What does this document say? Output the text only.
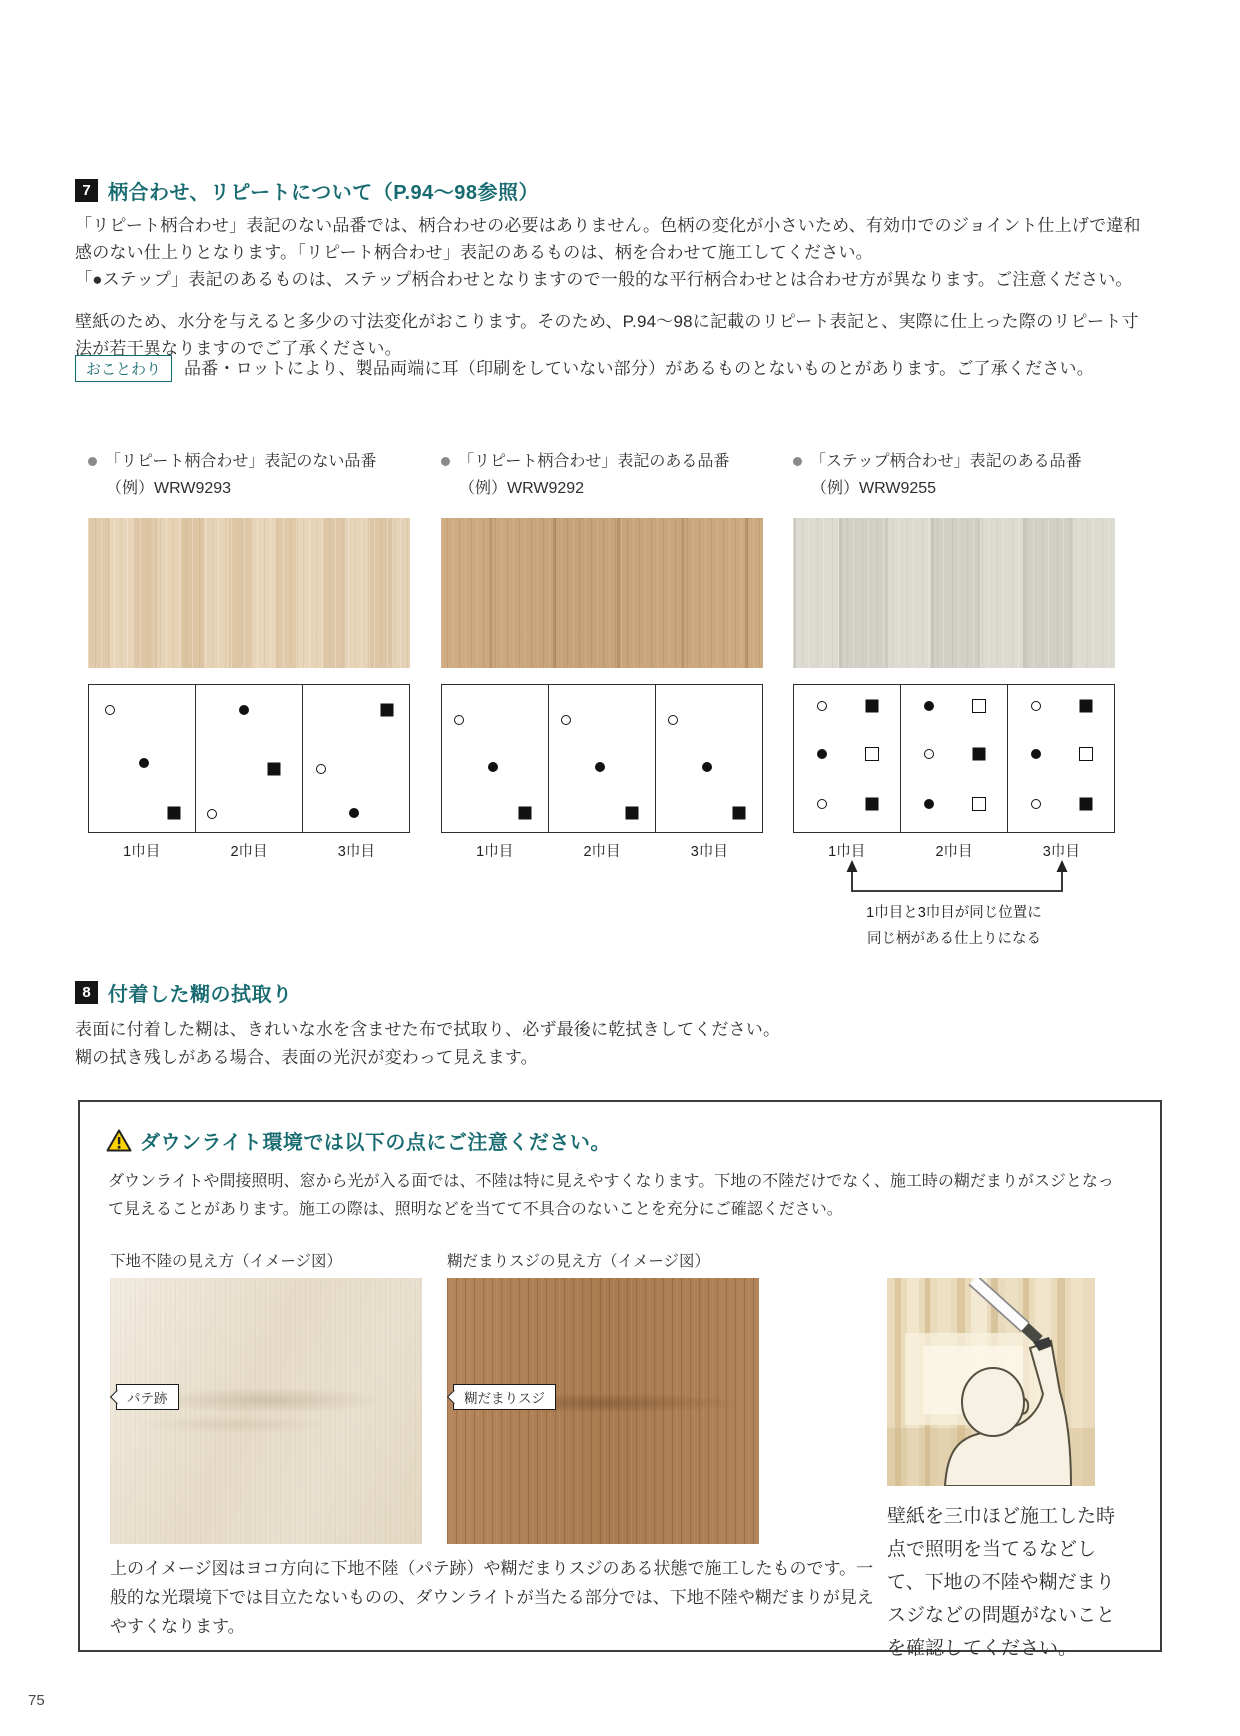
7 柄合わせ、リピートについて（P.94〜98参照）
「リピート柄合わせ」表記のない品番では、柄合わせの必要はありません。色柄の変化が小さいため、有効巾でのジョイント仕上げで違和感のない仕上りとなります。「リピート柄合わせ」表記のあるものは、柄を合わせて施工してください。
「●ステップ」表記のあるものは、ステップ柄合わせとなりますので一般的な平行柄合わせとは合わせ方が異なります。ご注意ください。
壁紙のため、水分を与えると多少の寸法変化がおこります。そのため、P.94〜98に記載のリピート表記と、実際に仕上った際のリピート寸法が若干異なりますのでご了承ください。
おことわり	品番・ロットにより、製品両端に耳（印刷をしていない部分）があるものとないものとがあります。ご了承ください。
「リピート柄合わせ」表記のない品番
（例）WRW9293
1巾目	2巾目	3巾目
「リピート柄合わせ」表記のある品番
（例）WRW9292
1巾目	2巾目	3巾目
「ステップ柄合わせ」表記のある品番
（例）WRW9255
1巾目	2巾目	3巾目
1巾目と3巾目が同じ位置に
同じ柄がある仕上りになる
8 付着した糊の拭取り
表面に付着した糊は、きれいな水を含ませた布で拭取り、必ず最後に乾拭きしてください。
糊の拭き残しがある場合、表面の光沢が変わって見えます。
ダウンライト環境では以下の点にご注意ください。
ダウンライトや間接照明、窓から光が入る面では、不陸は特に見えやすくなります。下地の不陸だけでなく、施工時の糊だまりがスジとなって見えることがあります。施工の際は、照明などを当てて不具合のないことを充分にご確認ください。
下地不陸の見え方（イメージ図）	糊だまりスジの見え方（イメージ図）
パテ跡	糊だまりスジ
壁紙を三巾ほど施工した時点で照明を当てるなどして、下地の不陸や糊だまりスジなどの問題がないことを確認してください。
上のイメージ図はヨコ方向に下地不陸（パテ跡）や糊だまりスジのある状態で施工したものです。一般的な光環境下では目立たないものの、ダウンライトが当たる部分では、下地不陸や糊だまりが見えやすくなります。
75
